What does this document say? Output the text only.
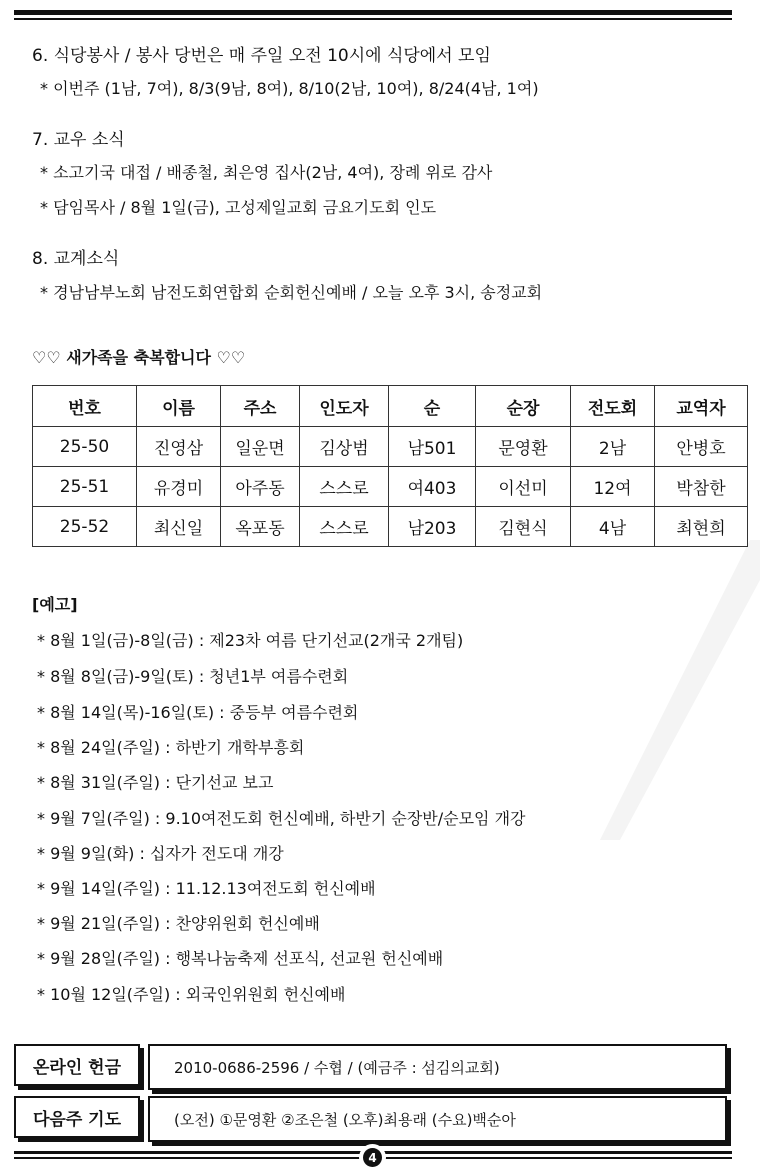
6. 식당봉사 / 봉사 당번은 매 주일 오전 10시에 식당에서 모임
* 이번주 (1남, 7여), 8/3(9남, 8여), 8/10(2남, 10여), 8/24(4남, 1여)
7. 교우 소식
* 소고기국 대접 / 배종철, 최은영 집사(2남, 4여), 장례 위로 감사
* 담임목사 / 8월 1일(금), 고성제일교회 금요기도회 인도
8. 교계소식
* 경남남부노회 남전도회연합회 순회헌신예배 / 오늘 오후 3시, 송정교회
♡♡ 새가족을 축복합니다 ♡♡
번호	이름	주소	인도자	순	순장	전도회	교역자
25-50	진영삼	일운면	김상범	남501	문영환	2남	안병호
25-51	유경미	아주동	스스로	여403	이선미	12여	박참한
25-52	최신일	옥포동	스스로	남203	김현식	4남	최현희
[예고]
* 8월 1일(금)-8일(금) : 제23차 여름 단기선교(2개국 2개팀)
* 8월 8일(금)-9일(토) : 청년1부 여름수련회
* 8월 14일(목)-16일(토) : 중등부 여름수련회
* 8월 24일(주일) : 하반기 개학부흥회
* 8월 31일(주일) : 단기선교 보고
* 9월 7일(주일) : 9.10여전도회 헌신예배, 하반기 순장반/순모임 개강
* 9월 9일(화) : 십자가 전도대 개강
* 9월 14일(주일) : 11.12.13여전도회 헌신예배
* 9월 21일(주일) : 찬양위원회 헌신예배
* 9월 28일(주일) : 행복나눔축제 선포식, 선교원 헌신예배
* 10월 12일(주일) : 외국인위원회 헌신예배
온라인 헌금	2010-0686-2596 / 수협 / (예금주 : 섬김의교회)
다음주 기도	(오전) ①문영환 ②조은철 (오후)최용래 (수요)백순아
4
